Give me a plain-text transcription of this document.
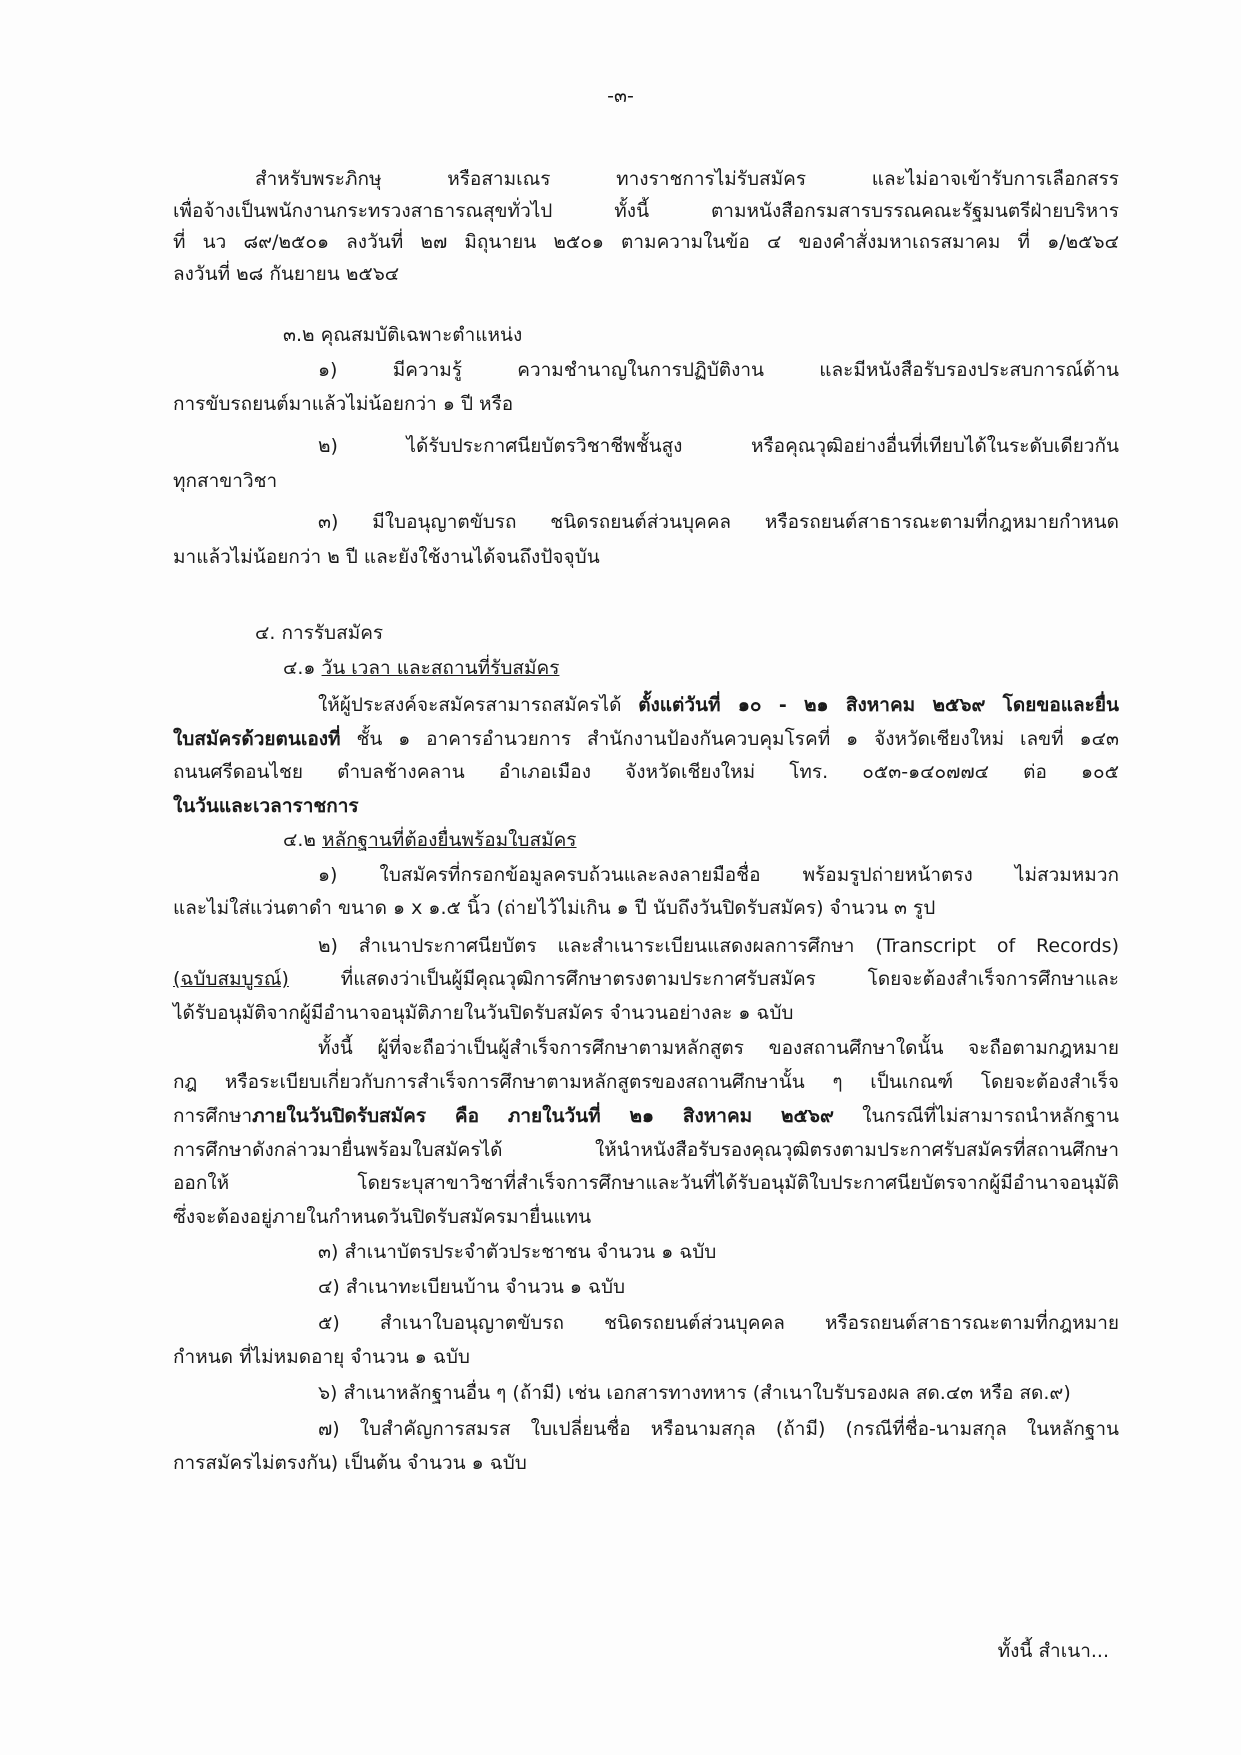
-๓-
สำหรับพระภิกษุ หรือสามเณร ทางราชการไม่รับสมัคร และไม่อาจเข้ารับการเลือกสรร
เพื่อจ้างเป็นพนักงานกระทรวงสาธารณสุขทั่วไป ทั้งนี้ ตามหนังสือกรมสารบรรณคณะรัฐมนตรีฝ่ายบริหาร
ที่ นว ๘๙/๒๕๐๑ ลงวันที่ ๒๗ มิถุนายน ๒๕๐๑ ตามความในข้อ ๔ ของคำสั่งมหาเถรสมาคม ที่ ๑/๒๕๖๔
ลงวันที่ ๒๘ กันยายน ๒๕๖๔
๓.๒ คุณสมบัติเฉพาะตำแหน่ง
๑) มีความรู้ ความชำนาญในการปฏิบัติงาน และมีหนังสือรับรองประสบการณ์ด้าน
การขับรถยนต์มาแล้วไม่น้อยกว่า ๑ ปี หรือ
๒) ได้รับประกาศนียบัตรวิชาชีพชั้นสูง หรือคุณวุฒิอย่างอื่นที่เทียบได้ในระดับเดียวกัน
ทุกสาขาวิชา
๓) มีใบอนุญาตขับรถ ชนิดรถยนต์ส่วนบุคคล หรือรถยนต์สาธารณะตามที่กฎหมายกำหนด
มาแล้วไม่น้อยกว่า ๒ ปี และยังใช้งานได้จนถึงปัจจุบัน
๔. การรับสมัคร
๔.๑ วัน เวลา และสถานที่รับสมัคร
ให้ผู้ประสงค์จะสมัครสามารถสมัครได้ ตั้งแต่วันที่ ๑๐ - ๒๑ สิงหาคม ๒๕๖๙ โดยขอและยื่น
ใบสมัครด้วยตนเองที่ ชั้น ๑ อาคารอำนวยการ สำนักงานป้องกันควบคุมโรคที่ ๑ จังหวัดเชียงใหม่ เลขที่ ๑๔๓
ถนนศรีดอนไชย ตำบลช้างคลาน อำเภอเมือง จังหวัดเชียงใหม่ โทร. ๐๕๓-๑๔๐๗๗๔ ต่อ ๑๐๕
ในวันและเวลาราชการ
๔.๒ หลักฐานที่ต้องยื่นพร้อมใบสมัคร
๑) ใบสมัครที่กรอกข้อมูลครบถ้วนและลงลายมือชื่อ พร้อมรูปถ่ายหน้าตรง ไม่สวมหมวก
และไม่ใส่แว่นตาดำ ขนาด ๑ x ๑.๕ นิ้ว (ถ่ายไว้ไม่เกิน ๑ ปี นับถึงวันปิดรับสมัคร) จำนวน ๓ รูป
๒) สำเนาประกาศนียบัตร และสำเนาระเบียนแสดงผลการศึกษา (Transcript of Records)
(ฉบับสมบูรณ์) ที่แสดงว่าเป็นผู้มีคุณวุฒิการศึกษาตรงตามประกาศรับสมัคร โดยจะต้องสำเร็จการศึกษาและ
ได้รับอนุมัติจากผู้มีอำนาจอนุมัติภายในวันปิดรับสมัคร จำนวนอย่างละ ๑ ฉบับ
ทั้งนี้ ผู้ที่จะถือว่าเป็นผู้สำเร็จการศึกษาตามหลักสูตร ของสถานศึกษาใดนั้น จะถือตามกฎหมาย
กฎ หรือระเบียบเกี่ยวกับการสำเร็จการศึกษาตามหลักสูตรของสถานศึกษานั้น ๆ เป็นเกณฑ์ โดยจะต้องสำเร็จ
การศึกษาภายในวันปิดรับสมัคร คือ ภายในวันที่ ๒๑ สิงหาคม ๒๕๖๙ ในกรณีที่ไม่สามารถนำหลักฐาน
การศึกษาดังกล่าวมายื่นพร้อมใบสมัครได้ ให้นำหนังสือรับรองคุณวุฒิตรงตามประกาศรับสมัครที่สถานศึกษา
ออกให้ โดยระบุสาขาวิชาที่สำเร็จการศึกษาและวันที่ได้รับอนุมัติใบประกาศนียบัตรจากผู้มีอำนาจอนุมัติ
ซึ่งจะต้องอยู่ภายในกำหนดวันปิดรับสมัครมายื่นแทน
๓) สำเนาบัตรประจำตัวประชาชน จำนวน ๑ ฉบับ
๔) สำเนาทะเบียนบ้าน จำนวน ๑ ฉบับ
๕) สำเนาใบอนุญาตขับรถ ชนิดรถยนต์ส่วนบุคคล หรือรถยนต์สาธารณะตามที่กฎหมาย
กำหนด ที่ไม่หมดอายุ จำนวน ๑ ฉบับ
๖) สำเนาหลักฐานอื่น ๆ (ถ้ามี) เช่น เอกสารทางทหาร (สำเนาใบรับรองผล สด.๔๓ หรือ สด.๙)
๗) ใบสำคัญการสมรส ใบเปลี่ยนชื่อ หรือนามสกุล (ถ้ามี) (กรณีที่ชื่อ-นามสกุล ในหลักฐาน
การสมัครไม่ตรงกัน) เป็นต้น จำนวน ๑ ฉบับ
ทั้งนี้ สำเนา...
